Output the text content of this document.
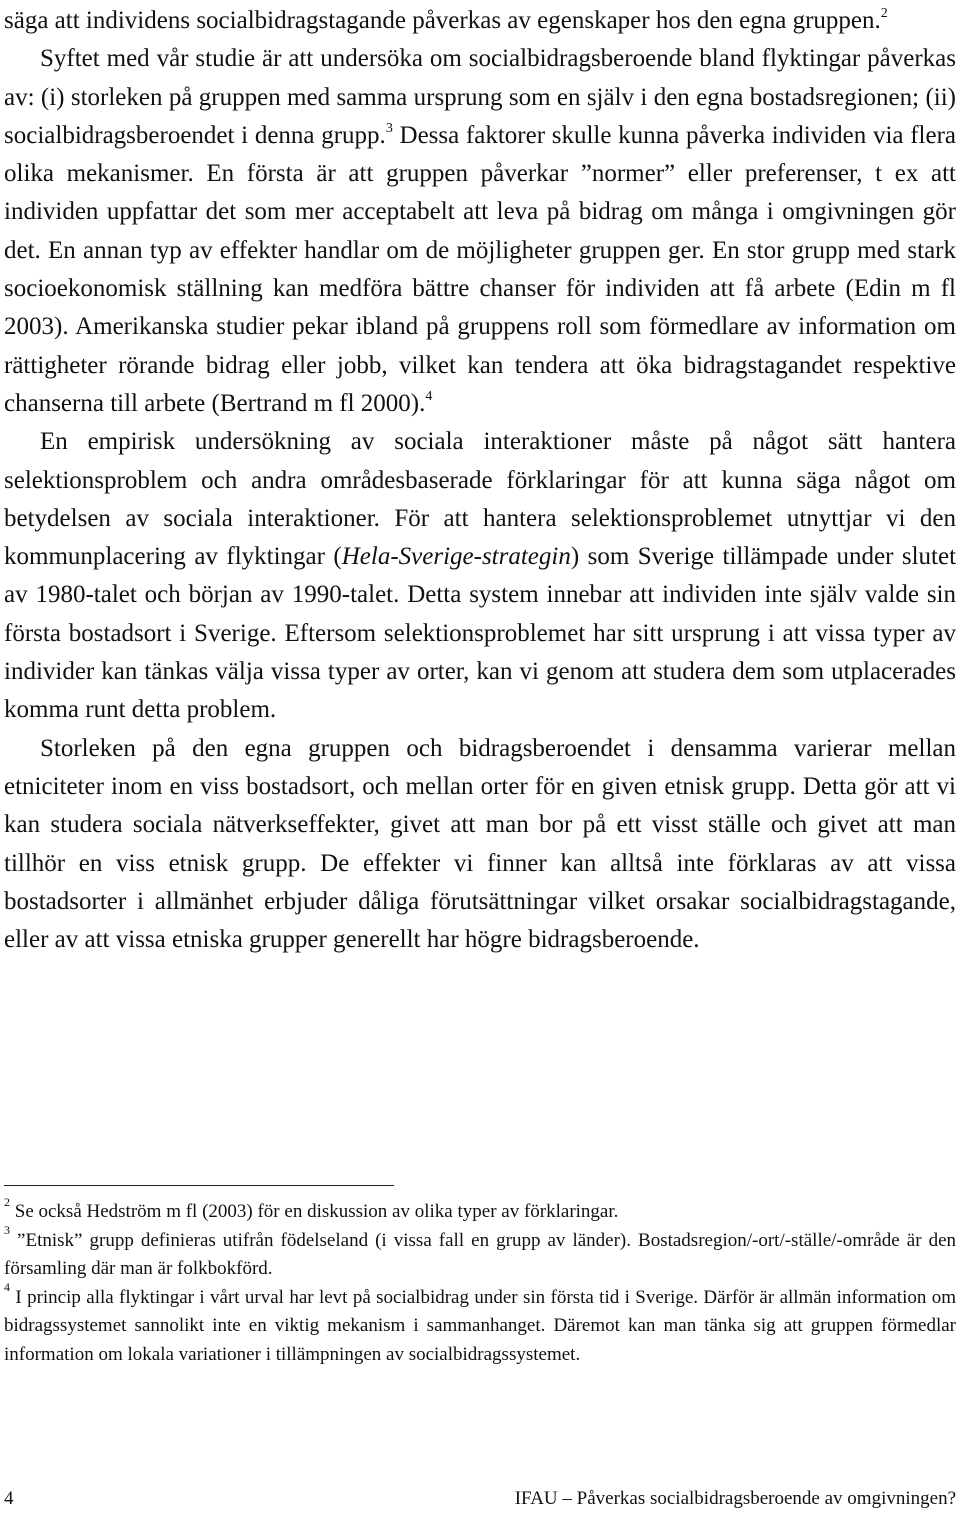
säga att individens socialbidragstagande påverkas av egenskaper hos den egna gruppen.$^2$

Syftet med vår studie är att undersöka om socialbidragsberoende bland flyktingar påverkas av: (i) storleken på gruppen med samma ursprung som en själv i den egna bostadsregionen; (ii) socialbidragsberoendet i denna grupp.$^3$ Dessa faktorer skulle kunna påverka individen via flera olika mekanismer. En första är att gruppen påverkar ”normer” eller preferenser, t ex att individen uppfattar det som mer acceptabelt att leva på bidrag om många i omgivningen gör det. En annan typ av effekter handlar om de möjligheter gruppen ger. En stor grupp med stark socioekonomisk ställning kan medföra bättre chanser för individen att få arbete (Edin m fl 2003). Amerikanska studier pekar ibland på gruppens roll som förmedlare av information om rättigheter rörande bidrag eller jobb, vilket kan tendera att öka bidragstagandet respektive chanserna till arbete (Bertrand m fl 2000).$^4$

En empirisk undersökning av sociala interaktioner måste på något sätt hantera selektionsproblem och andra områdesbaserade förklaringar för att kunna säga något om betydelsen av sociala interaktioner. För att hantera selektionsproblemet utnyttjar vi den kommunplacering av flyktingar (Hela-Sverige-strategin) som Sverige tillämpade under slutet av 1980-talet och början av 1990-talet. Detta system innebar att individen inte själv valde sin första bostadsort i Sverige. Eftersom selektionsproblemet har sitt ursprung i att vissa typer av individer kan tänkas välja vissa typer av orter, kan vi genom att studera dem som utplacerades komma runt detta problem.

Storleken på den egna gruppen och bidragsberoendet i densamma varierar mellan etniciteter inom en viss bostadsort, och mellan orter för en given etnisk grupp. Detta gör att vi kan studera sociala nätverkseffekter, givet att man bor på ett visst ställe och givet att man tillhör en viss etnisk grupp. De effekter vi finner kan alltså inte förklaras av att vissa bostadsorter i allmänhet erbjuder dåliga förutsättningar vilket orsakar socialbidragstagande, eller av att vissa etniska grupper generellt har högre bidragsberoende.

$^2$ Se också Hedström m fl (2003) för en diskussion av olika typer av förklaringar.

$^3$ ”Etnisk” grupp definieras utifrån födelseland (i vissa fall en grupp av länder). Bostadsregion/-ort/-ställe/-område är den församling där man är folkbokförd.

$^4$ I princip alla flyktingar i vårt urval har levt på socialbidrag under sin första tid i Sverige. Därför är allmän information om bidragssystemet sannolikt inte en viktig mekanism i sammanhanget. Däremot kan man tänka sig att gruppen förmedlar information om lokala variationer i tillämpningen av socialbidragssystemet.

4	IFAU – Påverkas socialbidragsberoende av omgivningen?
